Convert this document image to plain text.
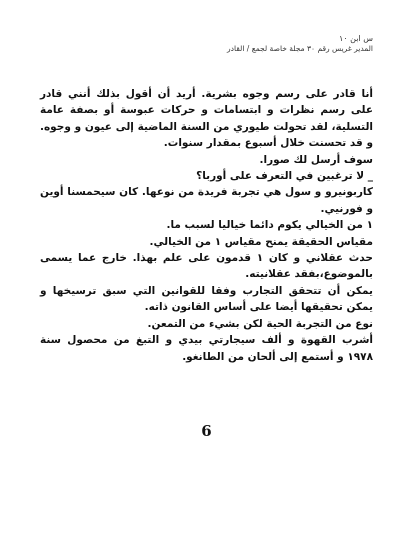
س ابن ١٠
المدير غريس رقم ٣٠ مجلة خاصة لجمع / القادر

أنا قادر على رسم وجوه بشرية. أريد أن أقول بذلك أنني قادر على رسم نظرات و ابتسامات و حركات عبوسة أو بصفة عامة التسلية، لقد تحولت طيوري من السنة الماضية إلى عيون و وجوه. و قد تحسنت خلال أسبوع بمقدار سنوات.

سوف أرسل لك صورا.

_ لا ترغبين في التعرف على أوربا؟

كاربونيرو و سول هي تجربة فريدة من نوعها. كان سيحمسنا أوين و فورنيي.

١ من الخيالي يكوم دائما خياليا لسبب ما.

مقياس الحقيقة يمنح مقياس ١ من الخيالي.

حدث عقلاني و كان ١ قدمون على علم بهذا. خارج عما يسمى بالموضوع،بفقد عقلانيته.

يمكن أن تتحقق التجارب وفقا للقوانين التي سبق ترسيخها و يمكن تحقيقها أيضا على أساس القانون ذاته.

نوع من التجربة الحية لكن بشيء من التمعن.

أشرب القهوة و ألف سيجارتي بيدي و التبغ من محصول سنة ١٩٧٨ و أستمع إلى ألحان من الطانغو.

6
